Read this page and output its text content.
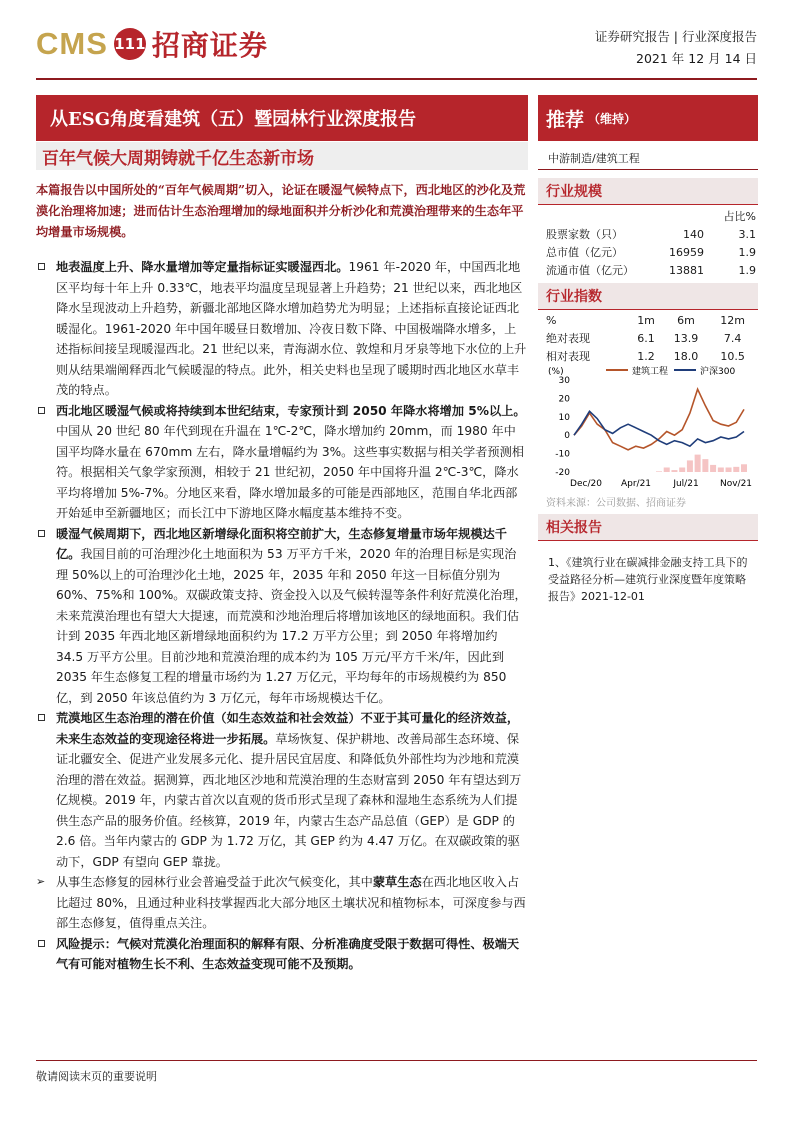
CMS 111 招商证券	证券研究报告 | 行业深度报告
2021 年 12 月 14 日
从ESG角度看建筑（五）暨园林行业深度报告
百年气候大周期铸就千亿生态新市场
本篇报告以中国所处的“百年气候周期”切入，论证在暖湿气候特点下，西北地区的沙化及荒漠化治理将加速；进而估计生态治理增加的绿地面积并分析沙化和荒漠治理带来的生态年平均增量市场规模。
地表温度上升、降水量增加等定量指标证实暖湿西北。1961 年-2020 年，中国西北地区平均每十年上升 0.33℃，地表平均温度呈现显著上升趋势；21 世纪以来，西北地区降水呈现波动上升趋势，新疆北部地区降水增加趋势尤为明显；上述指标直接论证西北暖湿化。1961-2020 年中国年暖昼日数增加、冷夜日数下降、中国极端降水增多，上述指标间接呈现暖湿西北。21 世纪以来，青海湖水位、敦煌和月牙泉等地下水位的上升则从结果端阐释西北气候暖湿的特点。此外，相关史料也呈现了暖期时西北地区水草丰茂的特点。
西北地区暖湿气候或将持续到本世纪结束，专家预计到 2050 年降水将增加 5%以上。中国从 20 世纪 80 年代到现在升温在 1℃-2℃，降水增加约 20mm，而 1980 年中国平均降水量在 670mm 左右，降水量增幅约为 3%。这些事实数据与相关学者预测相符。根据相关气象学家预测，相较于 21 世纪初，2050 年中国将升温 2℃-3℃，降水平均将增加 5%-7%。分地区来看，降水增加最多的可能是西部地区，范围自华北西部开始延申至新疆地区；而长江中下游地区降水幅度基本维持不变。
暖湿气候周期下，西北地区新增绿化面积将空前扩大，生态修复增量市场年规模达千亿。我国目前的可治理沙化土地面积为 53 万平方千米，2020 年的治理目标是实现治理 50%以上的可治理沙化土地，2025 年，2035 年和 2050 年这一目标值分别为 60%、75%和 100%。双碳政策支持、资金投入以及气候转湿等条件利好荒漠化治理，未来荒漠治理也有望大大提速，而荒漠和沙地治理后将增加该地区的绿地面积。我们估计到 2035 年西北地区新增绿地面积约为 17.2 万平方公里；到 2050 年将增加约 34.5 万平方公里。目前沙地和荒漠治理的成本约为 105 万元/平方千米/年，因此到 2035 年生态修复工程的增量市场约为 1.27 万亿元，平均每年的市场规模约为 850 亿，到 2050 年该总值约为 3 万亿元，每年市场规模达千亿。
荒漠地区生态治理的潜在价值（如生态效益和社会效益）不亚于其可量化的经济效益，未来生态效益的变现途径将进一步拓展。草场恢复、保护耕地、改善局部生态环境、保证北疆安全、促进产业发展多元化、提升居民宜居度、和降低负外部性均为沙地和荒漠治理的潜在效益。据测算，西北地区沙地和荒漠治理的生态财富到 2050 年有望达到万亿规模。2019 年，内蒙古首次以直观的货币形式呈现了森林和湿地生态系统为人们提供生态产品的服务价值。经核算，2019 年，内蒙古生态产品总值（GEP）是 GDP 的 2.6 倍。当年内蒙古的 GDP 为 1.72 万亿，其 GEP 约为 4.47 万亿。在双碳政策的驱动下，GDP 有望向 GEP 靠拢。
➢ 从事生态修复的园林行业会普遍受益于此次气候变化，其中蒙草生态在西北地区收入占比超过 80%，且通过种业科技掌握西北大部分地区土壤状况和植物标本，可深度参与西部生态修复，值得重点关注。
风险提示：气候对荒漠化治理面积的解释有限、分析准确度受限于数据可得性、极端天气有可能对植物生长不利、生态效益变现可能不及预期。
推荐 （维持）
中游制造/建筑工程
行业规模
		占比%
股票家数（只）	140	3.1
总市值（亿元）	16959	1.9
流通市值（亿元）	13881	1.9
行业指数
%	1m	6m	12m
绝对表现	6.1	13.9	7.4
相对表现	1.2	18.0	10.5
(%)	建筑工程	沪深300
30
20
10
0
-10
-20
Dec/20 Apr/21 Jul/21 Nov/21
资料来源：公司数据、招商证券
相关报告
1、《建筑行业在碳减排金融支持工具下的受益路径分析—建筑行业深度暨年度策略报告》2021-12-01
敬请阅读末页的重要说明
